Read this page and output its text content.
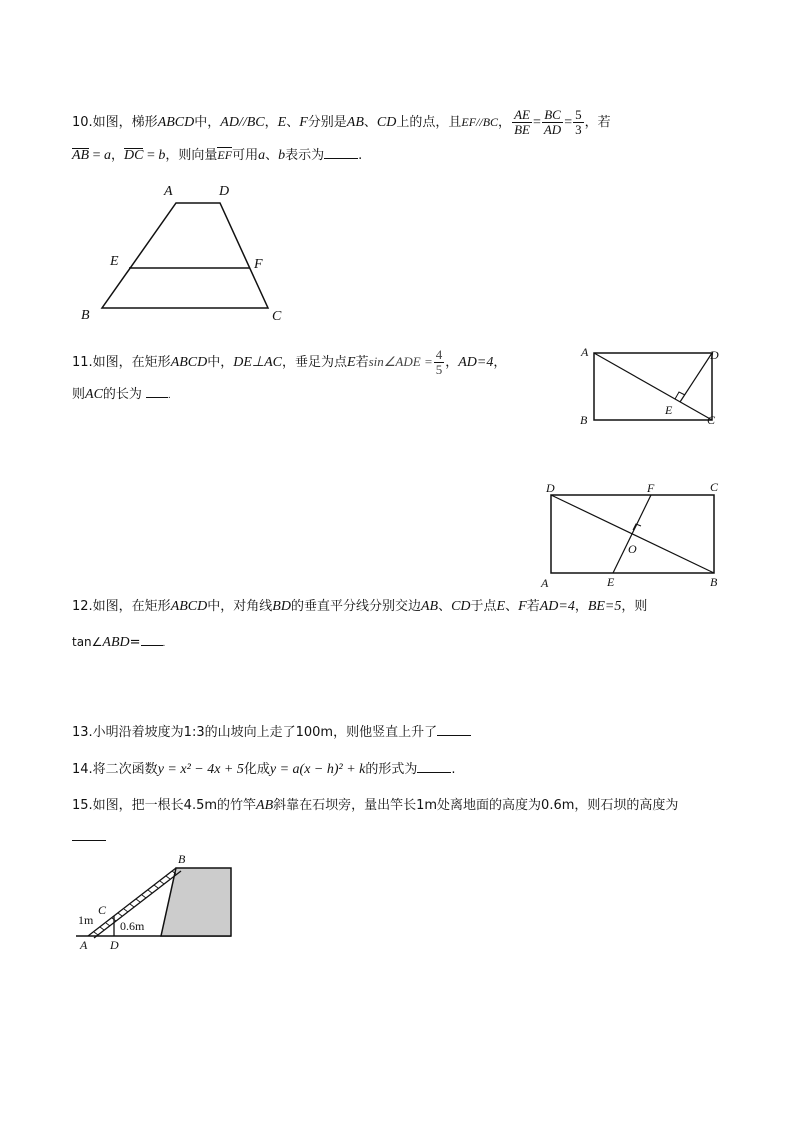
10.如图，梯形ABCD中，AD//BC，E、F分别是AB、CD上的点，且EF//BC， $\frac{AE}{BE} = \frac{BC}{AD} = \frac{5}{3}$ ，若
AB = a，DC = b，则向量EF可用a、b表示为	.
A	D
E	F
B	C
11.如图，在矩形ABCD中，DE⊥AC，垂足为点E若sin∠ADE = $\frac{4}{5}$ ，AD=4，
则AC的长为	.
A	D
B	C
E
D	F	C
O
A	E	B
12.如图，在矩形ABCD中，对角线BD的垂直平分线分别交边AB、CD于点E、F若AD=4，BE=5，则
tan∠ABD= .
13.小明沿着坡度为1:3的山坡向上走了100m，则他竖直上升了
14.将二次函数y = x² − 4x + 5化成y = a(x − h)² + k的形式为	.
15.如图，把一根长4.5m的竹竿AB斜靠在石坝旁，量出竿长1m处离地面的高度为0.6m，则石坝的高度为
B
C
A D
1m 0.6m
